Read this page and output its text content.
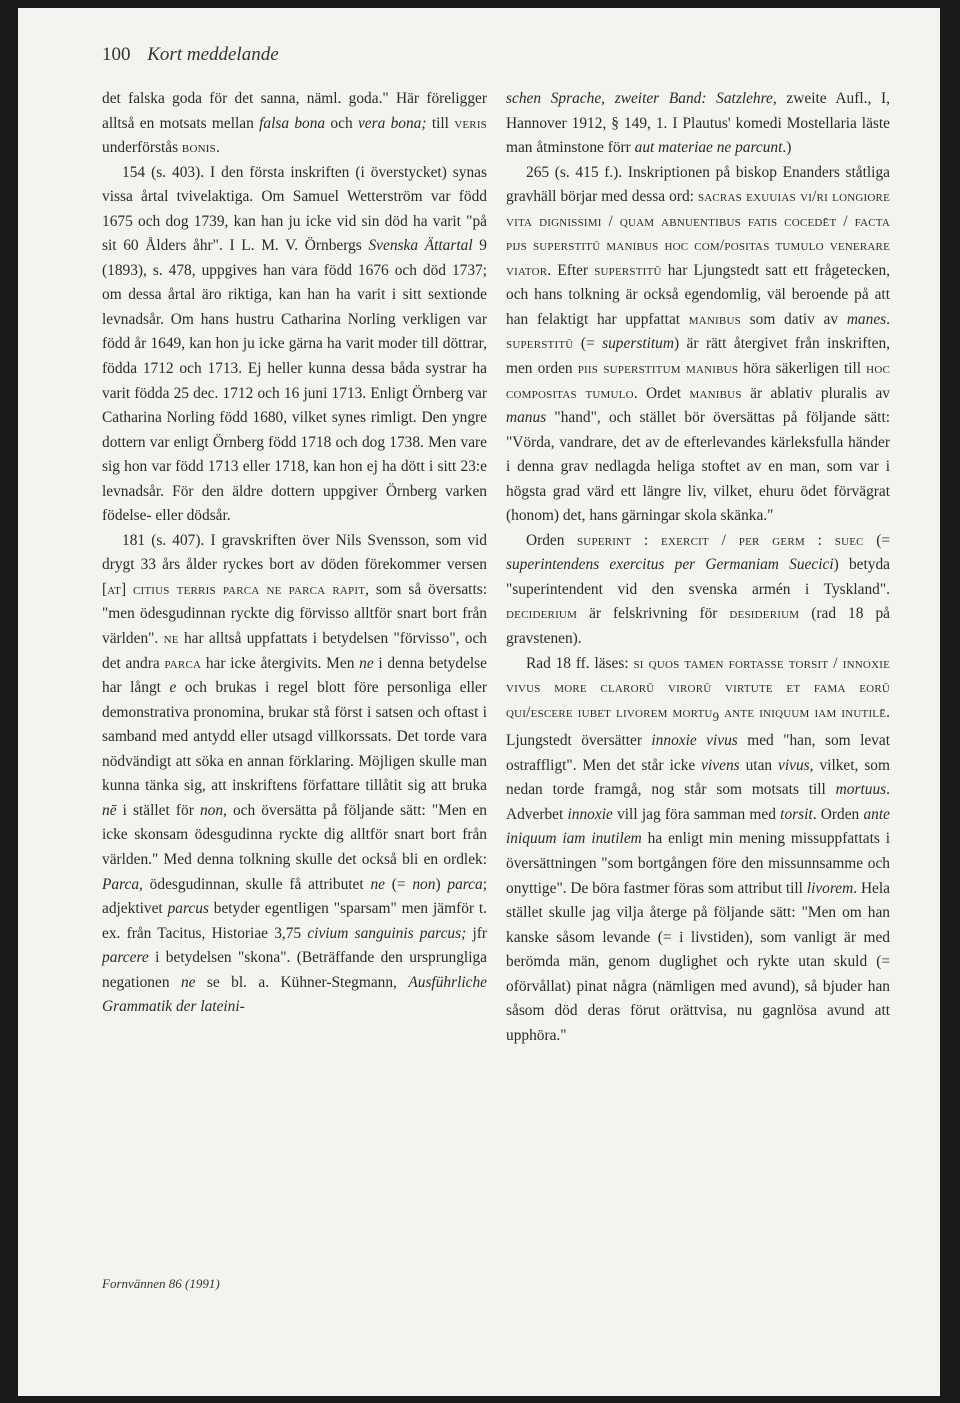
100 Kort meddelande

det falska goda för det sanna, näml. goda." Här föreligger alltså en motsats mellan falsa bona och vera bona; till veris underförstås bonis.

154 (s. 403). I den första inskriften (i överstycket) synas vissa årtal tvivelaktiga. Om Samuel Wetterström var född 1675 och dog 1739, kan han ju icke vid sin död ha varit "på sit 60 Ålders åhr". I L. M. V. Örnbergs Svenska Ättartal 9 (1893), s. 478, uppgives han vara född 1676 och död 1737; om dessa årtal äro riktiga, kan han ha varit i sitt sextionde levnadsår. Om hans hustru Catharina Norling verkligen var född år 1649, kan hon ju icke gärna ha varit moder till döttrar, födda 1712 och 1713. Ej heller kunna dessa båda systrar ha varit födda 25 dec. 1712 och 16 juni 1713. Enligt Örnberg var Catharina Norling född 1680, vilket synes rimligt. Den yngre dottern var enligt Örnberg född 1718 och dog 1738. Men vare sig hon var född 1713 eller 1718, kan hon ej ha dött i sitt 23:e levnadsår. För den äldre dottern uppgiver Örnberg varken födelse- eller dödsår.

181 (s. 407). I gravskriften över Nils Svensson, som vid drygt 33 års ålder ryckes bort av döden förekommer versen [at] citius terris parca ne parca rapit, som så översatts: "men ödesgudinnan ryckte dig förvisso alltför snart bort från världen". ne har alltså uppfattats i betydelsen "förvisso", och det andra parca har icke återgivits. Men ne i denna betydelse har långt e och brukas i regel blott före personliga eller demonstrativa pronomina, brukar stå först i satsen och oftast i samband med antydd eller utsagd villkorssats. Det torde vara nödvändigt att söka en annan förklaring. Möjligen skulle man kunna tänka sig, att inskriftens författare tillåtit sig att bruka nē i stället för non, och översätta på följande sätt: "Men en icke skonsam ödesgudinna ryckte dig alltför snart bort från världen." Med denna tolkning skulle det också bli en ordlek: Parca, ödesgudinnan, skulle få attributet ne (= non) parca; adjektivet parcus betyder egentligen "sparsam" men jämför t. ex. från Tacitus, Historiae 3,75 civium sanguinis parcus; jfr parcere i betydelsen "skona". (Beträffande den ursprungliga negationen ne se bl. a. Kühner-Stegmann, Ausführliche Grammatik der lateini-

schen Sprache, zweiter Band: Satzlehre, zweite Aufl., I, Hannover 1912, § 149, 1. I Plautus' komedi Mostellaria läste man åtminstone förr aut materiae ne parcunt.)

265 (s. 415 f.). Inskriptionen på biskop Enanders ståtliga gravhäll börjar med dessa ord: sacras exuuias vi/ri longiore vita dignissimi / quam abnuentibus fatis cocedēt / facta pijs superstitū manibus hoc com/positas tumulo venerare viator. Efter superstitū har Ljungstedt satt ett frågetecken, och hans tolkning är också egendomlig, väl beroende på att han felaktigt har uppfattat manibus som dativ av manes. superstitū (= superstitum) är rätt återgivet från inskriften, men orden piis superstitum manibus höra säkerligen till hoc compositas tumulo. Ordet manibus är ablativ pluralis av manus "hand", och stället bör översättas på följande sätt: "Vörda, vandrare, det av de efterlevandes kärleksfulla händer i denna grav nedlagda heliga stoftet av en man, som var i högsta grad värd ett längre liv, vilket, ehuru ödet förvägrat (honom) det, hans gärningar skola skänka."

Orden superint : exercit / per germ : suec (= superintendens exercitus per Germaniam Suecici) betyda "superintendent vid den svenska armén i Tyskland". deciderium är felskrivning för desiderium (rad 18 på gravstenen).

Rad 18 ff. läses: si quos tamen fortasse torsit / innoxie vivus more clarorū virorū virtute et fama eorū qui/escere iubet livorem mortu$_9$ ante iniquum iam inutilē. Ljungstedt översätter innoxie vivus med "han, som levat ostraffligt". Men det står icke vivens utan vivus, vilket, som nedan torde framgå, nog står som motsats till mortuus. Adverbet innoxie vill jag föra samman med torsit. Orden ante iniquum iam inutilem ha enligt min mening missuppfattats i översättningen "som bortgången före den missunnsamme och onyttige". De böra fastmer föras som attribut till livorem. Hela stället skulle jag vilja återge på följande sätt: "Men om han kanske såsom levande (= i livstiden), som vanligt är med berömda män, genom duglighet och rykte utan skuld (= oförvållat) pinat några (nämligen med avund), så bjuder han såsom död deras förut orättvisa, nu gagnlösa avund att upphöra."

Fornvännen 86 (1991)
